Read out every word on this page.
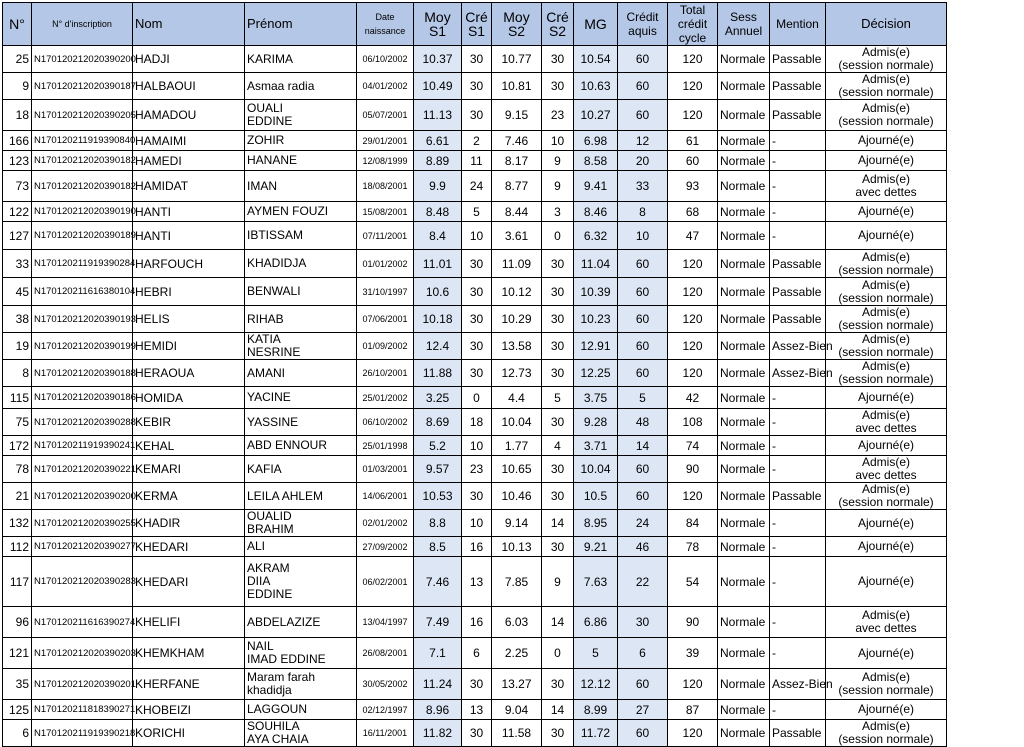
N°	N° d'inscription	Nom	Prénom	Date naissance	Moy S1	Cré S1	Moy S2	Cré S2	MG	Crédit aquis	Total crédit cycle	Sess Annuel	Mention	Décision
25	N170120212020390200	HADJI	KARIMA	06/10/2002	10.37	30	10.77	30	10.54	60	120	Normale	Passable	Admis(e)
(session normale)
9	N170120212020390187	HALBAOUI	Asmaa radia	04/01/2002	10.49	30	10.81	30	10.63	60	120	Normale	Passable	Admis(e)
(session normale)
18	N170120212020390205	HAMADOU	OUALI
EDDINE	05/07/2001	11.13	30	9.15	23	10.27	60	120	Normale	Passable	Admis(e)
(session normale)
166	N170120211919390840	HAMAIMI	ZOHIR	29/01/2001	6.61	2	7.46	10	6.98	12	61	Normale	-	Ajourné(e)
123	N170120212020390182	HAMEDI	HANANE	12/08/1999	8.89	11	8.17	9	8.58	20	60	Normale	-	Ajourné(e)
73	N170120212020390182	HAMIDAT	IMAN	18/08/2001	9.9	24	8.77	9	9.41	33	93	Normale	-	Admis(e)
avec dettes
122	N170120212020390190	HANTI	AYMEN FOUZI	15/08/2001	8.48	5	8.44	3	8.46	8	68	Normale	-	Ajourné(e)
127	N170120212020390189	HANTI	IBTISSAM	07/11/2001	8.4	10	3.61	0	6.32	10	47	Normale	-	Ajourné(e)
33	N170120211919390284	HARFOUCH	KHADIDJA	01/01/2002	11.01	30	11.09	30	11.04	60	120	Normale	Passable	Admis(e)
(session normale)
45	N170120211616380104	HEBRI	BENWALI	31/10/1997	10.6	30	10.12	30	10.39	60	120	Normale	Passable	Admis(e)
(session normale)
38	N170120212020390193	HELIS	RIHAB	07/06/2001	10.18	30	10.29	30	10.23	60	120	Normale	Passable	Admis(e)
(session normale)
19	N170120212020390199	HEMIDI	KATIA
NESRINE	01/09/2002	12.4	30	13.58	30	12.91	60	120	Normale	Assez-Bien	Admis(e)
(session normale)
8	N170120212020390188	HERAOUA	AMANI	26/10/2001	11.88	30	12.73	30	12.25	60	120	Normale	Assez-Bien	Admis(e)
(session normale)
115	N170120212020390186	HOMIDA	YACINE	25/01/2002	3.25	0	4.4	5	3.75	5	42	Normale	-	Ajourné(e)
75	N170120212020390288	KEBIR	YASSINE	06/10/2002	8.69	18	10.04	30	9.28	48	108	Normale	-	Admis(e)
avec dettes
172	N170120211919390241	KEHAL	ABD ENNOUR	25/01/1998	5.2	10	1.77	4	3.71	14	74	Normale	-	Ajourné(e)
78	N170120212020390221	KEMARI	KAFIA	01/03/2001	9.57	23	10.65	30	10.04	60	90	Normale	-	Admis(e)
avec dettes
21	N170120212020390200	KERMA	LEILA AHLEM	14/06/2001	10.53	30	10.46	30	10.5	60	120	Normale	Passable	Admis(e)
(session normale)
132	N170120212020390255	KHADIR	OUALID
BRAHIM	02/01/2002	8.8	10	9.14	14	8.95	24	84	Normale	-	Ajourné(e)
112	N170120212020390277	KHEDARI	ALI	27/09/2002	8.5	16	10.13	30	9.21	46	78	Normale	-	Ajourné(e)
117	N170120212020390283	KHEDARI	AKRAM
DIIA
EDDINE	06/02/2001	7.46	13	7.85	9	7.63	22	54	Normale	-	Ajourné(e)
96	N170120211616390274	KHELIFI	ABDELAZIZE	13/04/1997	7.49	16	6.03	14	6.86	30	90	Normale	-	Admis(e)
avec dettes
121	N170120212020390203	KHEMKHAM	NAIL
IMAD EDDINE	26/08/2001	7.1	6	2.25	0	5	6	39	Normale	-	Ajourné(e)
35	N170120212020390201	KHERFANE	Maram farah
khadidja	30/05/2002	11.24	30	13.27	30	12.12	60	120	Normale	Assez-Bien	Admis(e)
(session normale)
125	N170120211818390271	KHOBEIZI	LAGGOUN	02/12/1997	8.96	13	9.04	14	8.99	27	87	Normale	-	Ajourné(e)
6	N170120211919390218	KORICHI	SOUHILA
AYA CHAIA	16/11/2001	11.82	30	11.58	30	11.72	60	120	Normale	Passable	Admis(e)
(session normale)
